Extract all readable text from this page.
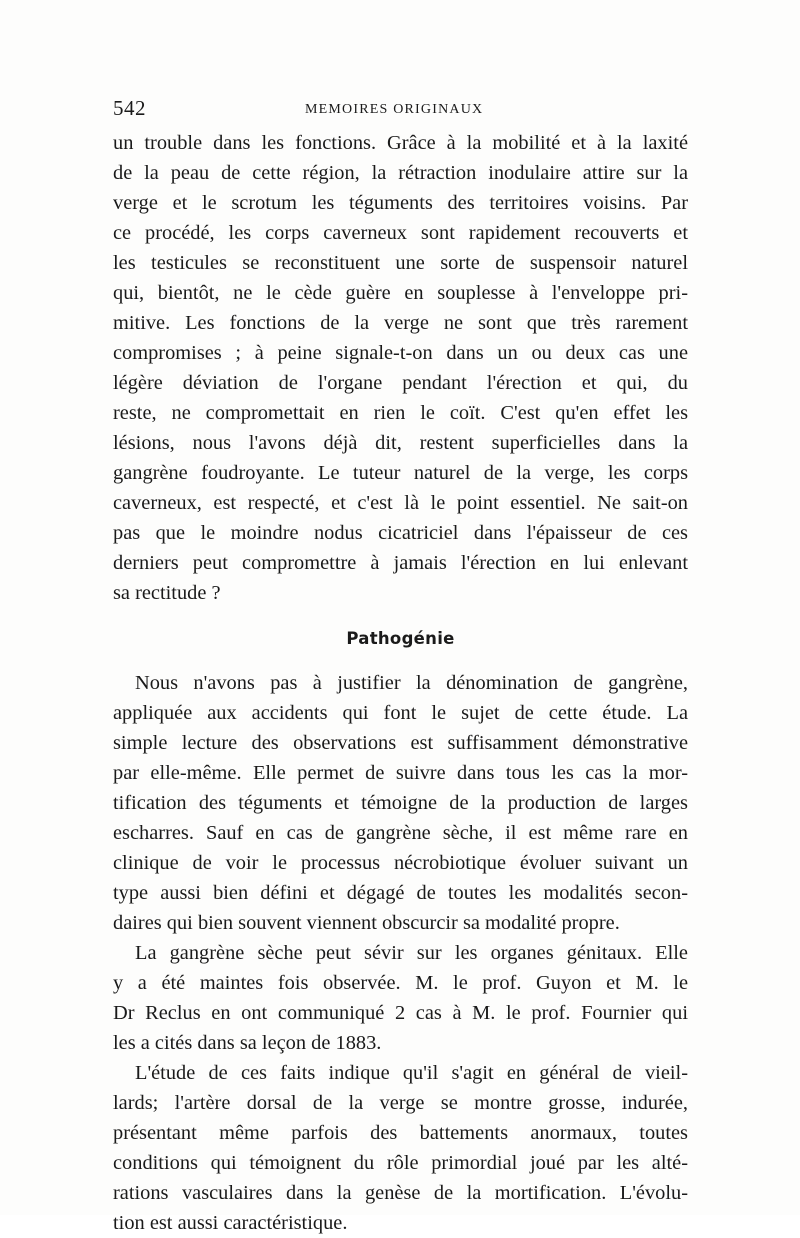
542	MEMOIRES ORIGINAUX
un trouble dans les fonctions. Grâce à la mobilité et à la laxité
de la peau de cette région, la rétraction inodulaire attire sur la
verge et le scrotum les téguments des territoires voisins. Par
ce procédé, les corps caverneux sont rapidement recouverts et
les testicules se reconstituent une sorte de suspensoir naturel
qui, bientôt, ne le cède guère en souplesse à l'enveloppe pri-
mitive. Les fonctions de la verge ne sont que très rarement
compromises ; à peine signale-t-on dans un ou deux cas une
légère déviation de l'organe pendant l'érection et qui, du
reste, ne compromettait en rien le coït. C'est qu'en effet les
lésions, nous l'avons déjà dit, restent superficielles dans la
gangrène foudroyante. Le tuteur naturel de la verge, les corps
caverneux, est respecté, et c'est là le point essentiel. Ne sait-on
pas que le moindre nodus cicatriciel dans l'épaisseur de ces
derniers peut compromettre à jamais l'érection en lui enlevant
sa rectitude ?
Pathogénie
Nous n'avons pas à justifier la dénomination de gangrène,
appliquée aux accidents qui font le sujet de cette étude. La
simple lecture des observations est suffisamment démonstrative
par elle-même. Elle permet de suivre dans tous les cas la mor-
tification des téguments et témoigne de la production de larges
escharres. Sauf en cas de gangrène sèche, il est même rare en
clinique de voir le processus nécrobiotique évoluer suivant un
type aussi bien défini et dégagé de toutes les modalités secon-
daires qui bien souvent viennent obscurcir sa modalité propre.
La gangrène sèche peut sévir sur les organes génitaux. Elle
y a été maintes fois observée. M. le prof. Guyon et M. le
Dr Reclus en ont communiqué 2 cas à M. le prof. Fournier qui
les a cités dans sa leçon de 1883.
L'étude de ces faits indique qu'il s'agit en général de vieil-
lards; l'artère dorsal de la verge se montre grosse, indurée,
présentant même parfois des battements anormaux, toutes
conditions qui témoignent du rôle primordial joué par les alté-
rations vasculaires dans la genèse de la mortification. L'évolu-
tion est aussi caractéristique.
